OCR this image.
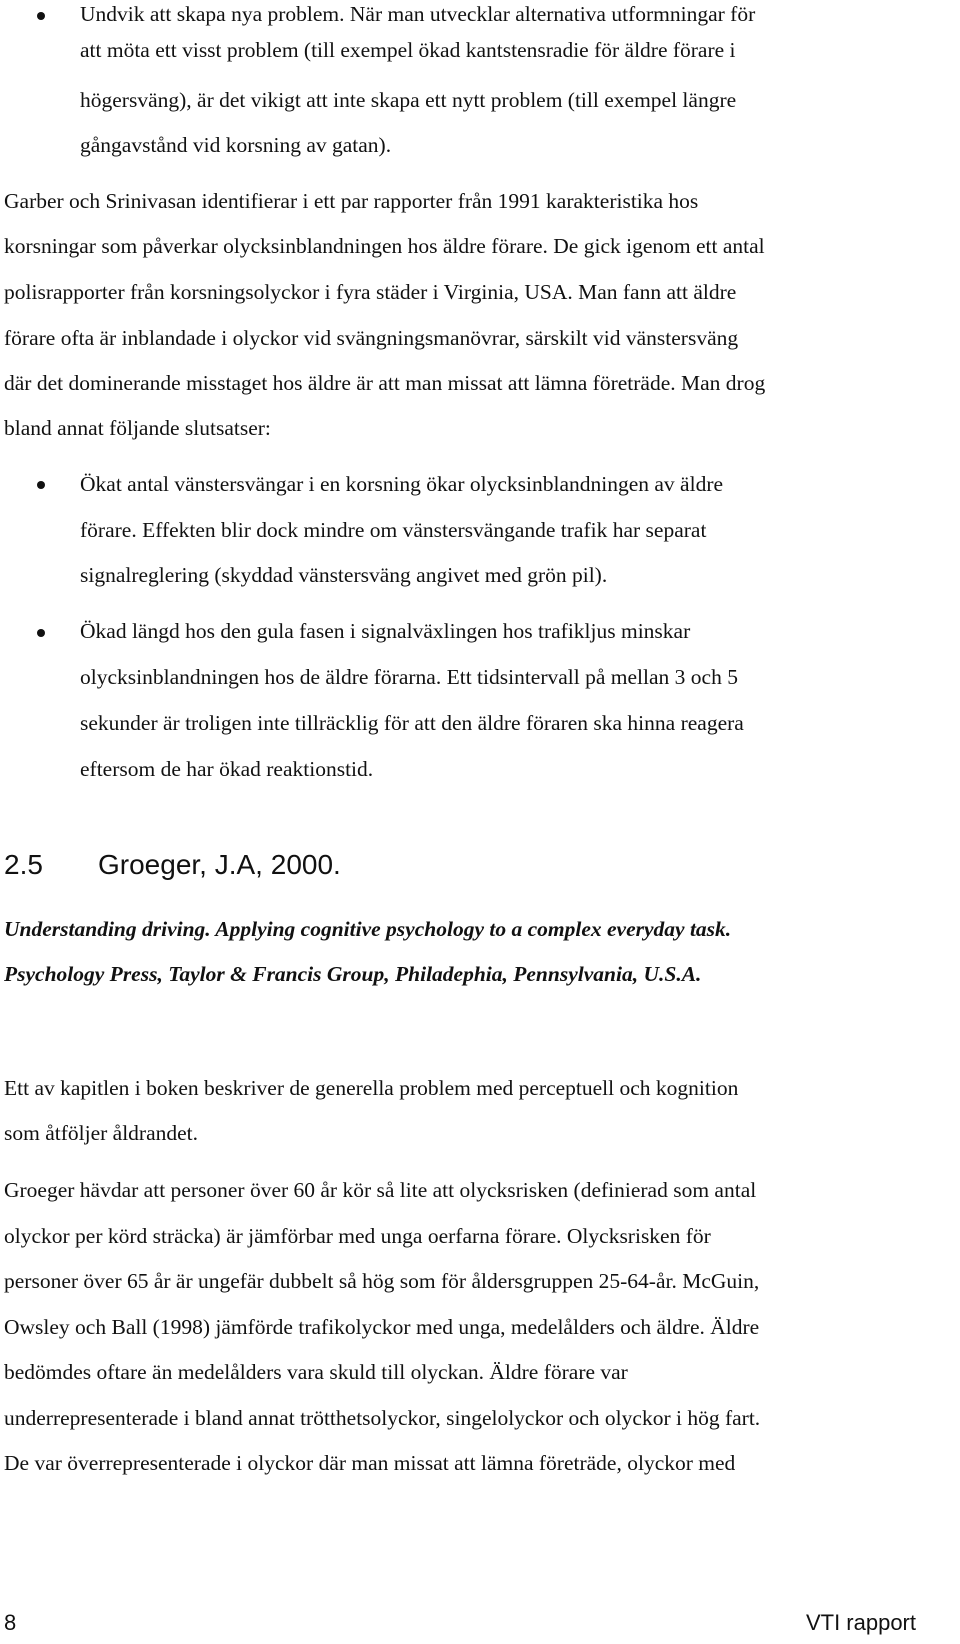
Undvik att skapa nya problem. När man utvecklar alternativa utformningar för

att möta ett visst problem (till exempel ökad kantstensradie för äldre förare i

högersväng), är det vikigt att inte skapa ett nytt problem (till exempel längre

gångavstånd vid korsning av gatan).

Garber och Srinivasan identifierar i ett par rapporter från 1991 karakteristika hos

korsningar som påverkar olycksinblandningen hos äldre förare. De gick igenom ett antal

polisrapporter från korsningsolyckor i fyra städer i Virginia, USA. Man fann att äldre

förare ofta är inblandade i olyckor vid svängningsmanövrar, särskilt vid vänstersväng

där det dominerande misstaget hos äldre är att man missat att lämna företräde. Man drog

bland annat följande slutsatser:

Ökat antal vänstersvängar i en korsning ökar olycksinblandningen av äldre

förare. Effekten blir dock mindre om vänstersvängande trafik har separat

signalreglering (skyddad vänstersväng angivet med grön pil).

Ökad längd hos den gula fasen i signalväxlingen hos trafikljus minskar

olycksinblandningen hos de äldre förarna. Ett tidsintervall på mellan 3 och 5

sekunder är troligen inte tillräcklig för att den äldre föraren ska hinna reagera

eftersom de har ökad reaktionstid.

2.5 Groeger, J.A, 2000.

Understanding driving. Applying cognitive psychology to a complex everyday task.

Psychology Press, Taylor & Francis Group, Philadephia, Pennsylvania, U.S.A.

Ett av kapitlen i boken beskriver de generella problem med perceptuell och kognition

som åtföljer åldrandet.

Groeger hävdar att personer över 60 år kör så lite att olycksrisken (definierad som antal

olyckor per körd sträcka) är jämförbar med unga oerfarna förare. Olycksrisken för

personer över 65 år är ungefär dubbelt så hög som för åldersgruppen 25-64-år. McGuin,

Owsley och Ball (1998) jämförde trafikolyckor med unga, medelålders och äldre. Äldre

bedömdes oftare än medelålders vara skuld till olyckan. Äldre förare var

underrepresenterade i bland annat trötthetsolyckor, singelolyckor och olyckor i hög fart.

De var överrepresenterade i olyckor där man missat att lämna företräde, olyckor med

8	VTI rapport
